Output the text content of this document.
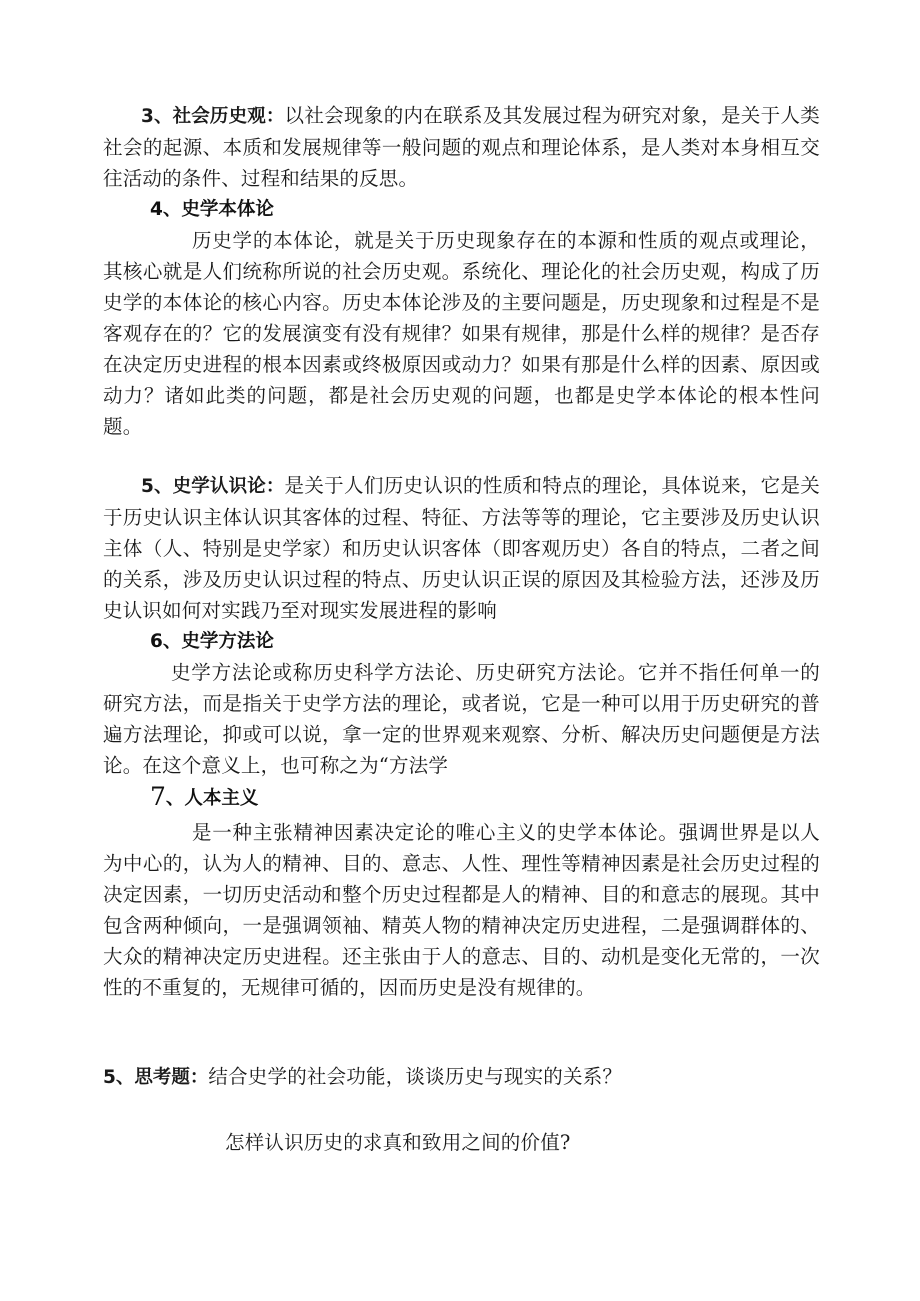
3、社会历史观：以社会现象的内在联系及其发展过程为研究对象，是关于人类社会的起源、本质和发展规律等一般问题的观点和理论体系，是人类对本身相互交往活动的条件、过程和结果的反思。

4、史学本体论

历史学的本体论，就是关于历史现象存在的本源和性质的观点或理论，其核心就是人们统称所说的社会历史观。系统化、理论化的社会历史观，构成了历史学的本体论的核心内容。历史本体论涉及的主要问题是，历史现象和过程是不是客观存在的？它的发展演变有没有规律？如果有规律，那是什么样的规律？是否存在决定历史进程的根本因素或终极原因或动力？如果有那是什么样的因素、原因或动力？诸如此类的问题，都是社会历史观的问题，也都是史学本体论的根本性问题。

5、史学认识论：是关于人们历史认识的性质和特点的理论，具体说来，它是关于历史认识主体认识其客体的过程、特征、方法等等的理论，它主要涉及历史认识主体（人、特别是史学家）和历史认识客体（即客观历史）各自的特点，二者之间的关系，涉及历史认识过程的特点、历史认识正误的原因及其检验方法，还涉及历史认识如何对实践乃至对现实发展进程的影响

6、史学方法论

史学方法论或称历史科学方法论、历史研究方法论。它并不指任何单一的研究方法，而是指关于史学方法的理论，或者说，它是一种可以用于历史研究的普遍方法理论，抑或可以说，拿一定的世界观来观察、分析、解决历史问题便是方法论。在这个意义上，也可称之为“方法学

7、人本主义

是一种主张精神因素决定论的唯心主义的史学本体论。强调世界是以人为中心的，认为人的精神、目的、意志、人性、理性等精神因素是社会历史过程的决定因素，一切历史活动和整个历史过程都是人的精神、目的和意志的展现。其中包含两种倾向，一是强调领袖、精英人物的精神决定历史进程，二是强调群体的、大众的精神决定历史进程。还主张由于人的意志、目的、动机是变化无常的，一次性的不重复的，无规律可循的，因而历史是没有规律的。

5、思考题：结合史学的社会功能，谈谈历史与现实的关系？

怎样认识历史的求真和致用之间的价值?
